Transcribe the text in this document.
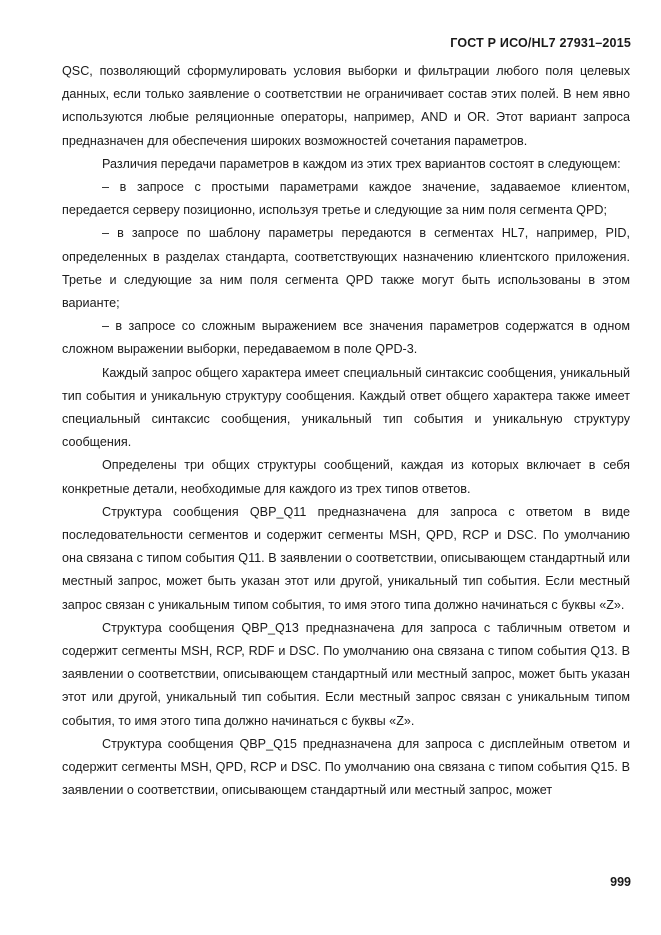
ГОСТ Р ИСО/HL7 27931–2015

QSC, позволяющий сформулировать условия выборки и фильтрации любого поля целевых данных, если только заявление о соответствии не ограничивает состав этих полей. В нем явно используются любые реляционные операторы, например, AND и OR. Этот вариант запроса предназначен для обеспечения широких возможностей сочетания параметров.

Различия передачи параметров в каждом из этих трех вариантов состоят в следующем:

– в запросе с простыми параметрами каждое значение, задаваемое клиентом, передается серверу позиционно, используя третье и следующие за ним поля сегмента QPD;

– в запросе по шаблону параметры передаются в сегментах HL7, например, PID, определенных в разделах стандарта, соответствующих назначению клиентского приложения. Третье и следующие за ним поля сегмента QPD также могут быть использованы в этом варианте;

– в запросе со сложным выражением все значения параметров содержатся в одном сложном выражении выборки, передаваемом в поле QPD-3.

Каждый запрос общего характера имеет специальный синтаксис сообщения, уникальный тип события и уникальную структуру сообщения. Каждый ответ общего характера также имеет специальный синтаксис сообщения, уникальный тип события и уникальную структуру сообщения.

Определены три общих структуры сообщений, каждая из которых включает в себя конкретные детали, необходимые для каждого из трех типов ответов.

Структура сообщения QBP_Q11 предназначена для запроса с ответом в виде последовательности сегментов и содержит сегменты MSH, QPD, RCP и DSC. По умолчанию она связана с типом события Q11. В заявлении о соответствии, описывающем стандартный или местный запрос, может быть указан этот или другой, уникальный тип события. Если местный запрос связан с уникальным типом события, то имя этого типа должно начинаться с буквы «Z».

Структура сообщения QBP_Q13 предназначена для запроса с табличным ответом и содержит сегменты MSH, RCP, RDF и DSC. По умолчанию она связана с типом события Q13. В заявлении о соответствии, описывающем стандартный или местный запрос, может быть указан этот или другой, уникальный тип события. Если местный запрос связан с уникальным типом события, то имя этого типа должно начинаться с буквы «Z».

Структура сообщения QBP_Q15 предназначена для запроса с дисплейным ответом и содержит сегменты MSH, QPD, RCP и DSC. По умолчанию она связана с типом события Q15. В заявлении о соответствии, описывающем стандартный или местный запрос, может

999
